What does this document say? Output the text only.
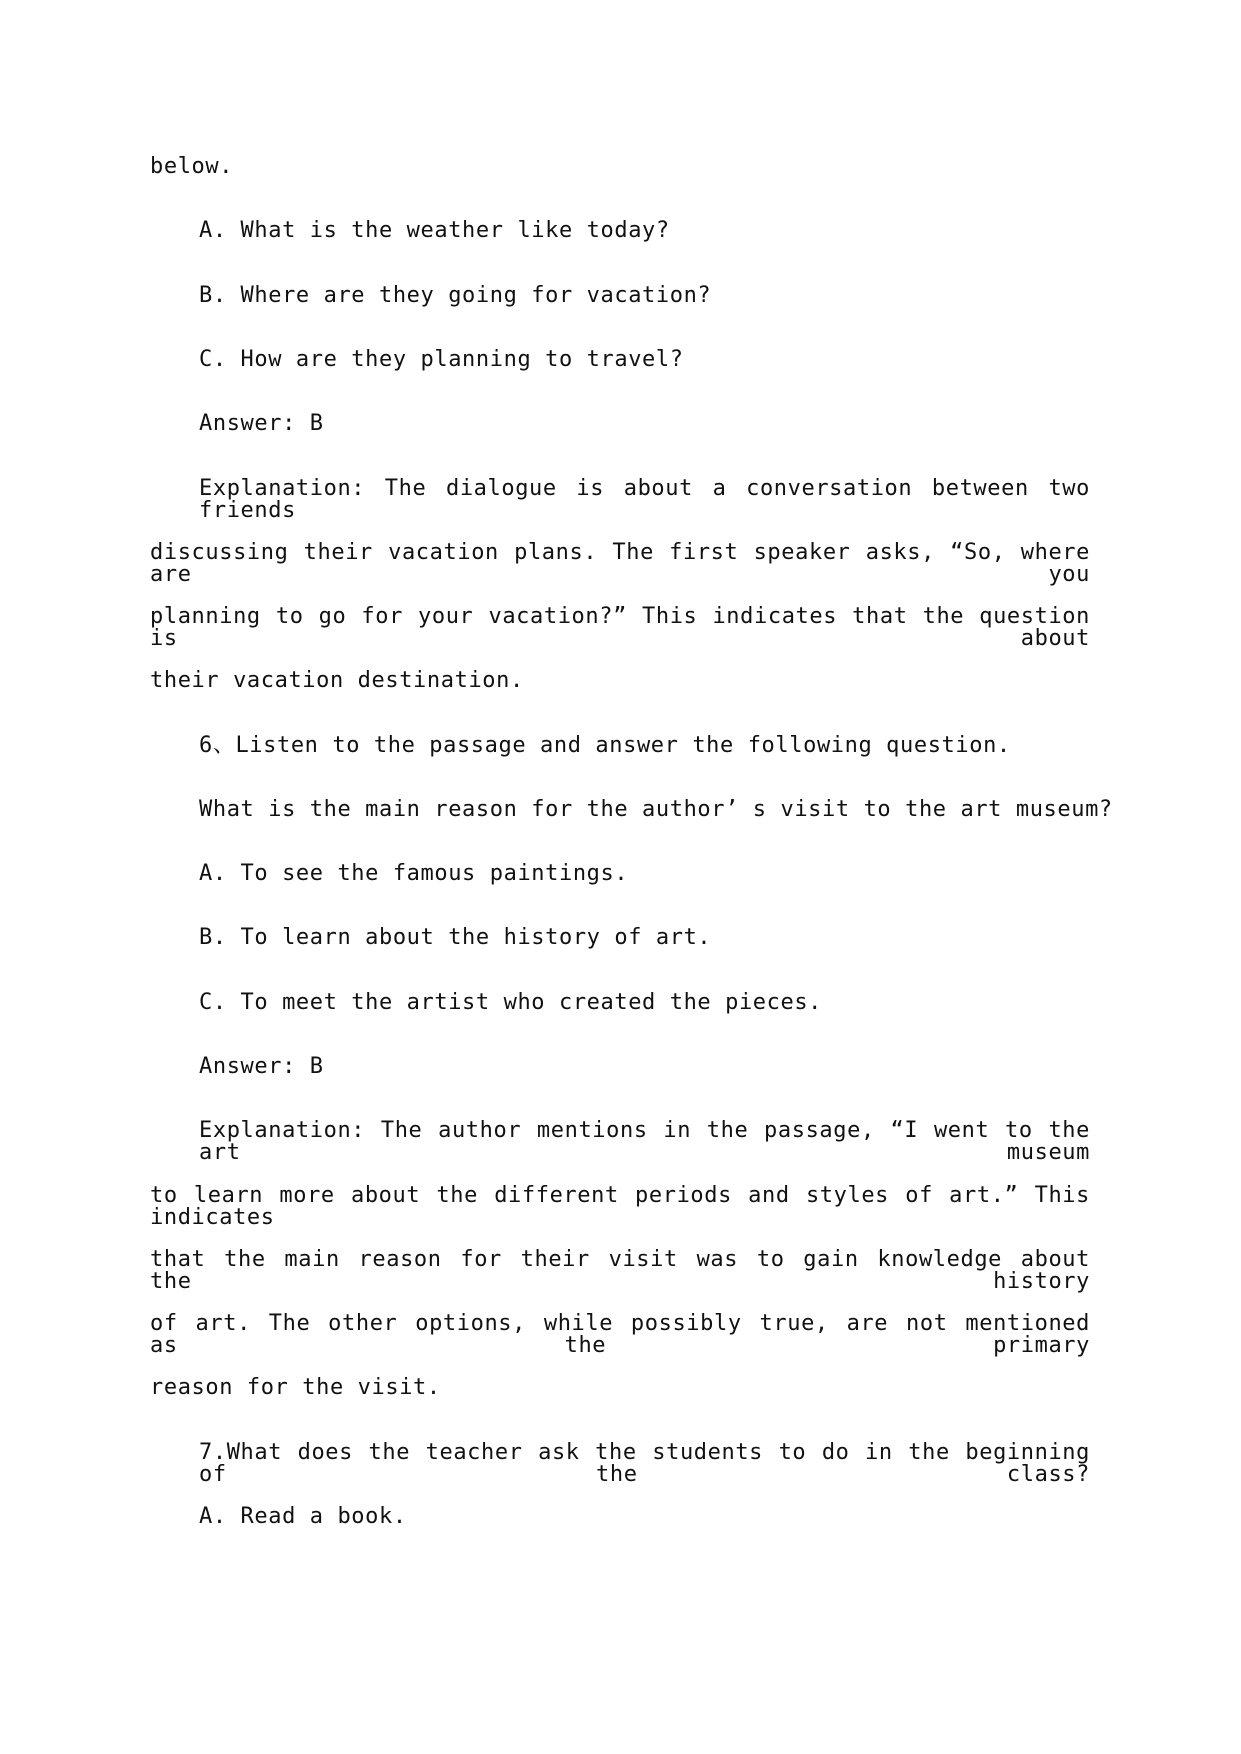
below.
A. What is the weather like today?
B. Where are they going for vacation?
C. How are they planning to travel?
Answer: B
Explanation: The dialogue is about a conversation between two friends
discussing their vacation plans. The first speaker asks, “So, where are you
planning to go for your vacation?” This indicates that the question is about
their vacation destination.
6、Listen to the passage and answer the following question.
What is the main reason for the author’ s visit to the art museum?
A. To see the famous paintings.
B. To learn about the history of art.
C. To meet the artist who created the pieces.
Answer: B
Explanation: The author mentions in the passage, “I went to the art museum
to learn more about the different periods and styles of art.” This indicates
that the main reason for their visit was to gain knowledge about the history
of art. The other options, while possibly true, are not mentioned as the primary
reason for the visit.
7.What does the teacher ask the students to do in the beginning of the class?
A. Read a book.
